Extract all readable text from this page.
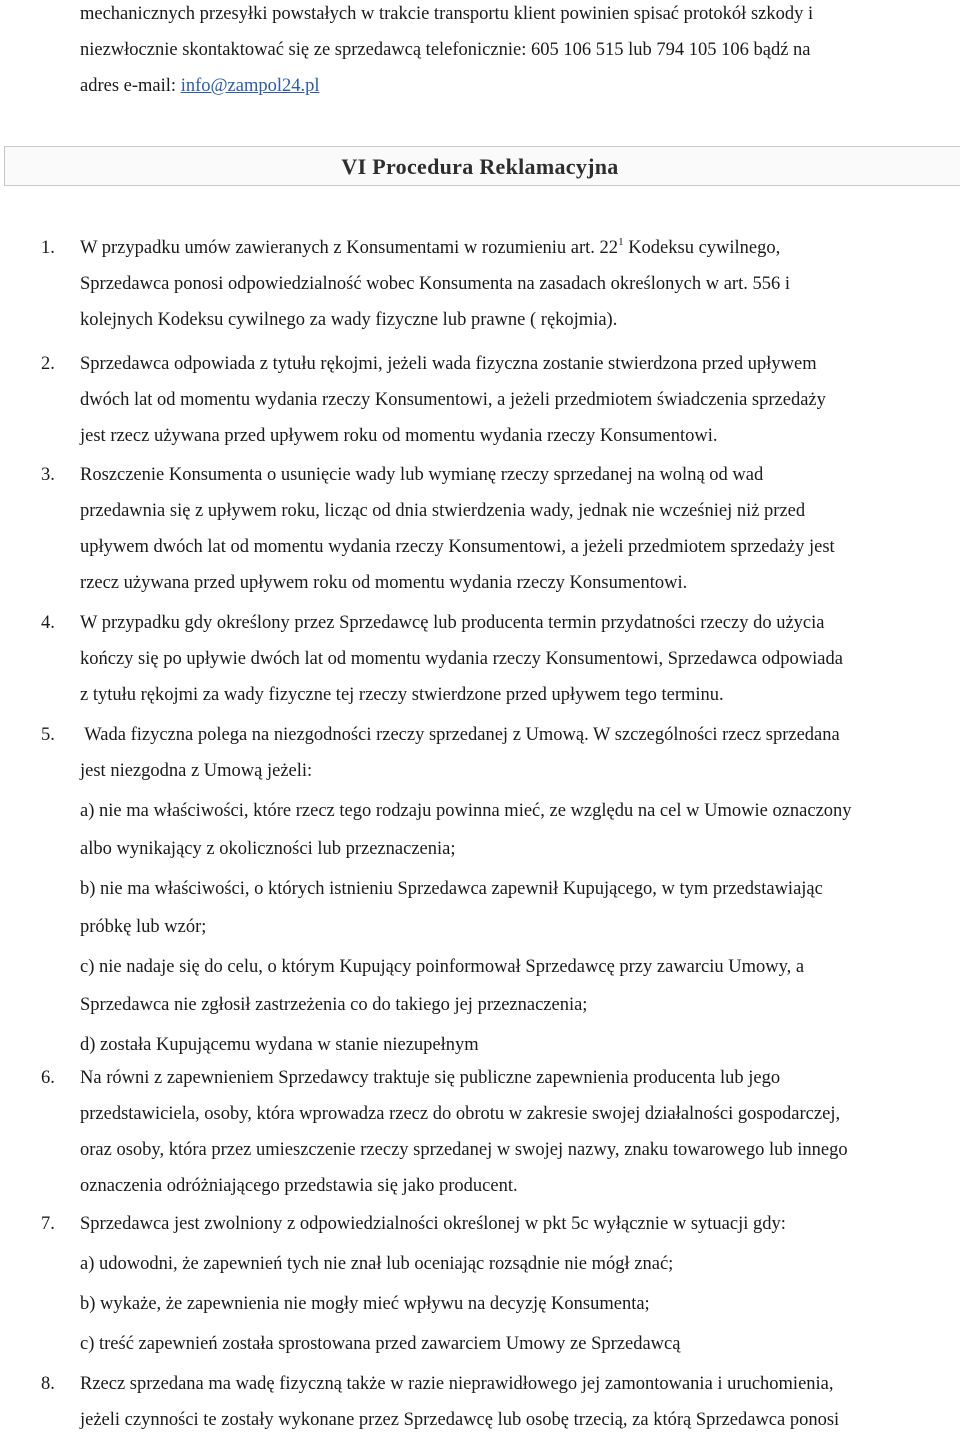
mechanicznych przesyłki powstałych w trakcie transportu klient powinien spisać protokół szkody i
niezwłocznie skontaktować się ze sprzedawcą telefonicznie: 605 106 515 lub 794 105 106 bądź na
adres e-mail: info@zampol24.pl
VI Procedura Reklamacyjna
1. W przypadku umów zawieranych z Konsumentami w rozumieniu art. $22^1$ Kodeksu cywilnego,
Sprzedawca ponosi odpowiedzialność wobec Konsumenta na zasadach określonych w art. 556 i
kolejnych Kodeksu cywilnego za wady fizyczne lub prawne ( rękojmia).
2. Sprzedawca odpowiada z tytułu rękojmi, jeżeli wada fizyczna zostanie stwierdzona przed upływem
dwóch lat od momentu wydania rzeczy Konsumentowi, a jeżeli przedmiotem świadczenia sprzedaży
jest rzecz używana przed upływem roku od momentu wydania rzeczy Konsumentowi.
3. Roszczenie Konsumenta o usunięcie wady lub wymianę rzeczy sprzedanej na wolną od wad
przedawnia się z upływem roku, licząc od dnia stwierdzenia wady, jednak nie wcześniej niż przed
upływem dwóch lat od momentu wydania rzeczy Konsumentowi, a jeżeli przedmiotem sprzedaży jest
rzecz używana przed upływem roku od momentu wydania rzeczy Konsumentowi.
4. W przypadku gdy określony przez Sprzedawcę lub producenta termin przydatności rzeczy do użycia
kończy się po upływie dwóch lat od momentu wydania rzeczy Konsumentowi, Sprzedawca odpowiada
z tytułu rękojmi za wady fizyczne tej rzeczy stwierdzone przed upływem tego terminu.
5. Wada fizyczna polega na niezgodności rzeczy sprzedanej z Umową. W szczególności rzecz sprzedana
jest niezgodna z Umową jeżeli:
a) nie ma właściwości, które rzecz tego rodzaju powinna mieć, ze względu na cel w Umowie oznaczony
albo wynikający z okoliczności lub przeznaczenia;
b) nie ma właściwości, o których istnieniu Sprzedawca zapewnił Kupującego, w tym przedstawiając
próbkę lub wzór;
c) nie nadaje się do celu, o którym Kupujący poinformował Sprzedawcę przy zawarciu Umowy, a
Sprzedawca nie zgłosił zastrzeżenia co do takiego jej przeznaczenia;
d) została Kupującemu wydana w stanie niezupełnym
6. Na równi z zapewnieniem Sprzedawcy traktuje się publiczne zapewnienia producenta lub jego
przedstawiciela, osoby, która wprowadza rzecz do obrotu w zakresie swojej działalności gospodarczej,
oraz osoby, która przez umieszczenie rzeczy sprzedanej w swojej nazwy, znaku towarowego lub innego
oznaczenia odróżniającego przedstawia się jako producent.
7. Sprzedawca jest zwolniony z odpowiedzialności określonej w pkt 5c wyłącznie w sytuacji gdy:
a) udowodni, że zapewnień tych nie znał lub oceniając rozsądnie nie mógł znać;
b) wykaże, że zapewnienia nie mogły mieć wpływu na decyzję Konsumenta;
c) treść zapewnień została sprostowana przed zawarciem Umowy ze Sprzedawcą
8. Rzecz sprzedana ma wadę fizyczną także w razie nieprawidłowego jej zamontowania i uruchomienia,
jeżeli czynności te zostały wykonane przez Sprzedawcę lub osobę trzecią, za którą Sprzedawca ponosi
